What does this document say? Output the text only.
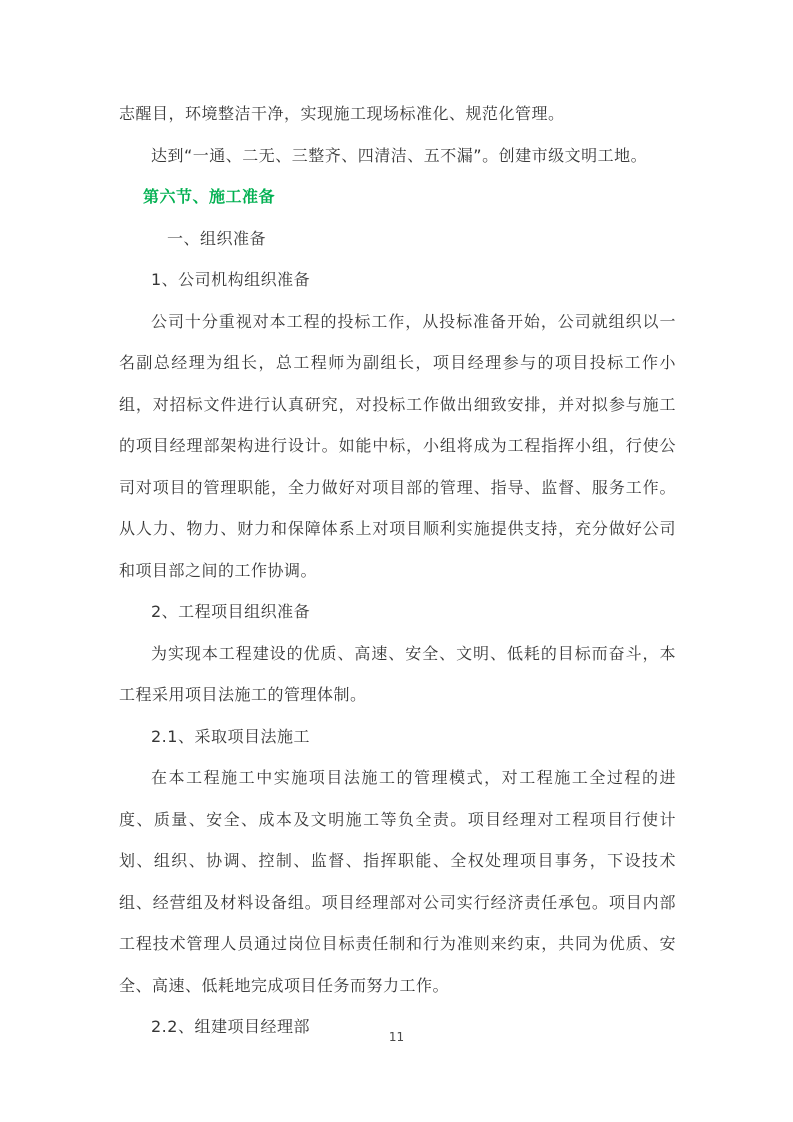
志醒目，环境整洁干净，实现施工现场标准化、规范化管理。

达到“一通、二无、三整齐、四清洁、五不漏”。创建市级文明工地。

第六节、施工准备

一、组织准备

1、公司机构组织准备

公司十分重视对本工程的投标工作，从投标准备开始，公司就组织以一名副总经理为组长，总工程师为副组长，项目经理参与的项目投标工作小组，对招标文件进行认真研究，对投标工作做出细致安排，并对拟参与施工的项目经理部架构进行设计。如能中标，小组将成为工程指挥小组，行使公司对项目的管理职能，全力做好对项目部的管理、指导、监督、服务工作。从人力、物力、财力和保障体系上对项目顺利实施提供支持，充分做好公司和项目部之间的工作协调。

2、工程项目组织准备

为实现本工程建设的优质、高速、安全、文明、低耗的目标而奋斗，本工程采用项目法施工的管理体制。

2.1、采取项目法施工

在本工程施工中实施项目法施工的管理模式，对工程施工全过程的进度、质量、安全、成本及文明施工等负全责。项目经理对工程项目行使计划、组织、协调、控制、监督、指挥职能、全权处理项目事务，下设技术组、经营组及材料设备组。项目经理部对公司实行经济责任承包。项目内部工程技术管理人员通过岗位目标责任制和行为准则来约束，共同为优质、安全、高速、低耗地完成项目任务而努力工作。

2.2、组建项目经理部

11
